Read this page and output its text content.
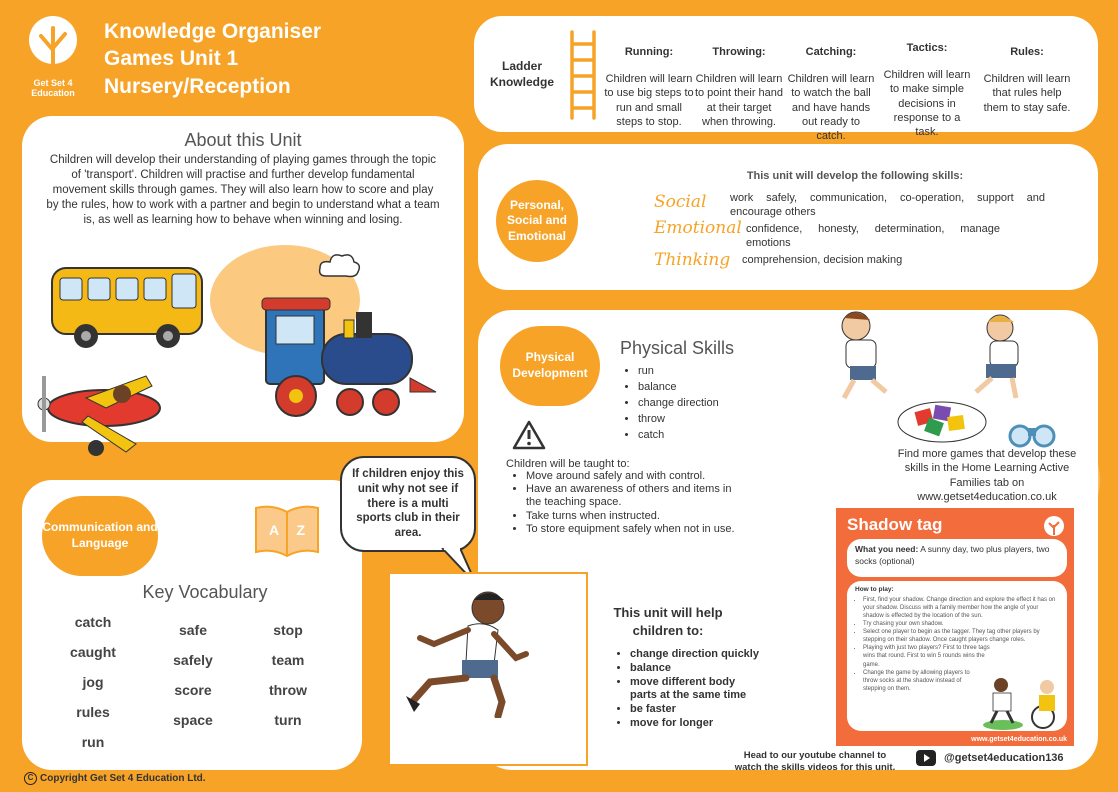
Get Set 4 Education
Knowledge Organiser
Games Unit 1
Nursery/Reception
Ladder Knowledge
Running:
Children will learn to use big steps to run and small steps to stop.
Throwing:
Children will learn to point their hand at their target when throwing.
Catching:
Children will learn to watch the ball and have hands out ready to catch.
Tactics:
Children will learn to make simple decisions in response to a task.
Rules:
Children will learn that rules help them to stay safe.
About this Unit
Children will develop their understanding of playing games through the topic of 'transport'. Children will practise and further develop fundamental movement skills through games. They will also learn how to score and play by the rules, how to work with a partner and begin to understand what a team is, as well as learning how to behave when winning and losing.
Communication and Language
A Z
Key Vocabulary
catch
caught
jog
rules
run
safe
safely
score
space
stop
team
throw
turn
Personal, Social and Emotional
This unit will develop the following skills:
Social work safely, communication, co-operation, support and encourage others
Emotional confidence, honesty, determination, manage emotions
Thinking comprehension, decision making
Physical Development
Physical Skills
• run
• balance
• change direction
• throw
• catch
Children will be taught to:
• Move around safely and with control.
• Have an awareness of others and items in the teaching space.
• Take turns when instructed.
• To store equipment safely when not in use.
Home Learning
Find more games that develop these skills in the Home Learning Active Families tab on www.getset4education.co.uk
Shadow tag
What you need: A sunny day, two plus players, two socks (optional)
How to play:
• First, find your shadow. Change direction and explore the effect it has on your shadow. Discuss with a family member how the angle of your shadow is effected by the location of the sun.
• Try chasing your own shadow.
• Select one player to begin as the tagger. They tag other players by stepping on their shadow. Once caught players change roles.
• Playing with just two players? First to three tags wins that round. First to win 5 rounds wins the game.
• Change the game by allowing players to throw socks at the shadow instead of stepping on them.
www.getset4education.co.uk
If children enjoy this unit why not see if there is a multi sports club in their area.
This unit will help children to:
• change direction quickly
• balance
• move different body parts at the same time
• be faster
• move for longer
C Copyright Get Set 4 Education Ltd.
Head to our youtube channel to watch the skills videos for this unit.
@getset4education136
